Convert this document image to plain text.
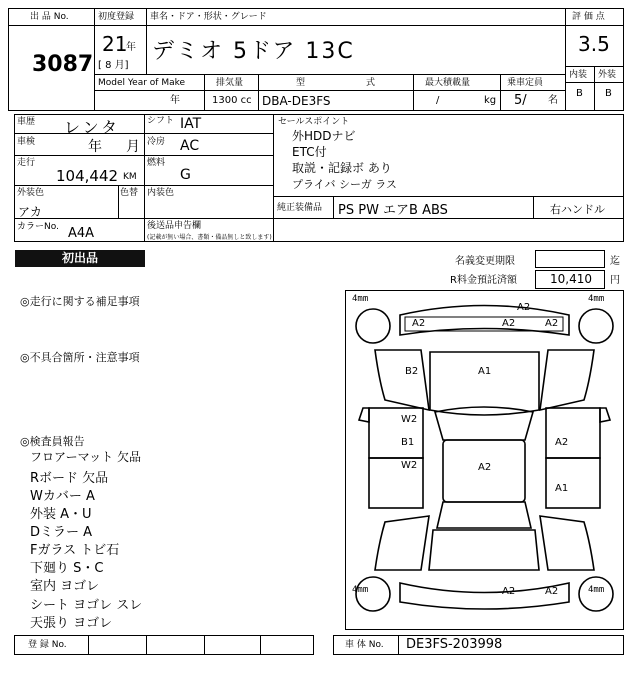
出 品 No.
3087
初度登録
21
年
[ 8 月]
車名・ドア・形状・グレード
デミオ 5ドア 13C
Model Year of Make
年
排気量
1300 cc
型	式
DBA-DE3FS
最大積載量
/	kg
乗車定員
5/ 名
評 価 点
3.5
内装 外装
B B
車歴 レンタ	シフト IAT
車検	年 月 冷房 AC
走行
104,442 KM
燃料
G
外装色	色替
アカ
内装色
カラーNo. A4A	後送品申告欄
(記載が無い場合、書類・備品無しと致します)
セールスポイント
外HDDナビ
ETC付
取説・記録ボ あり
プライバ シーガ ラス
純正装備品 PS PW エアB ABS	右ハンドル
初出品	名義変更期限	迄
R料金預託済額	10,410 円
◎走行に関する補足事項
◎不具合箇所・注意事項
◎検査員報告
フロアーマット 欠品
Rボード 欠品
Wカバー A
外装 A・U
Dミラー A
Fガラス トビ石
下廻り S・C
室内 ヨゴレ
シート ヨゴレ スレ
天張り ヨゴレ
4mm	4mm
4mm	4mm
A2
A2	A2	A2
B2	A1
W2
B1
W2	A2
A2
A1
A2	A2
登 録 No.	車 体 No. DE3FS-203998
